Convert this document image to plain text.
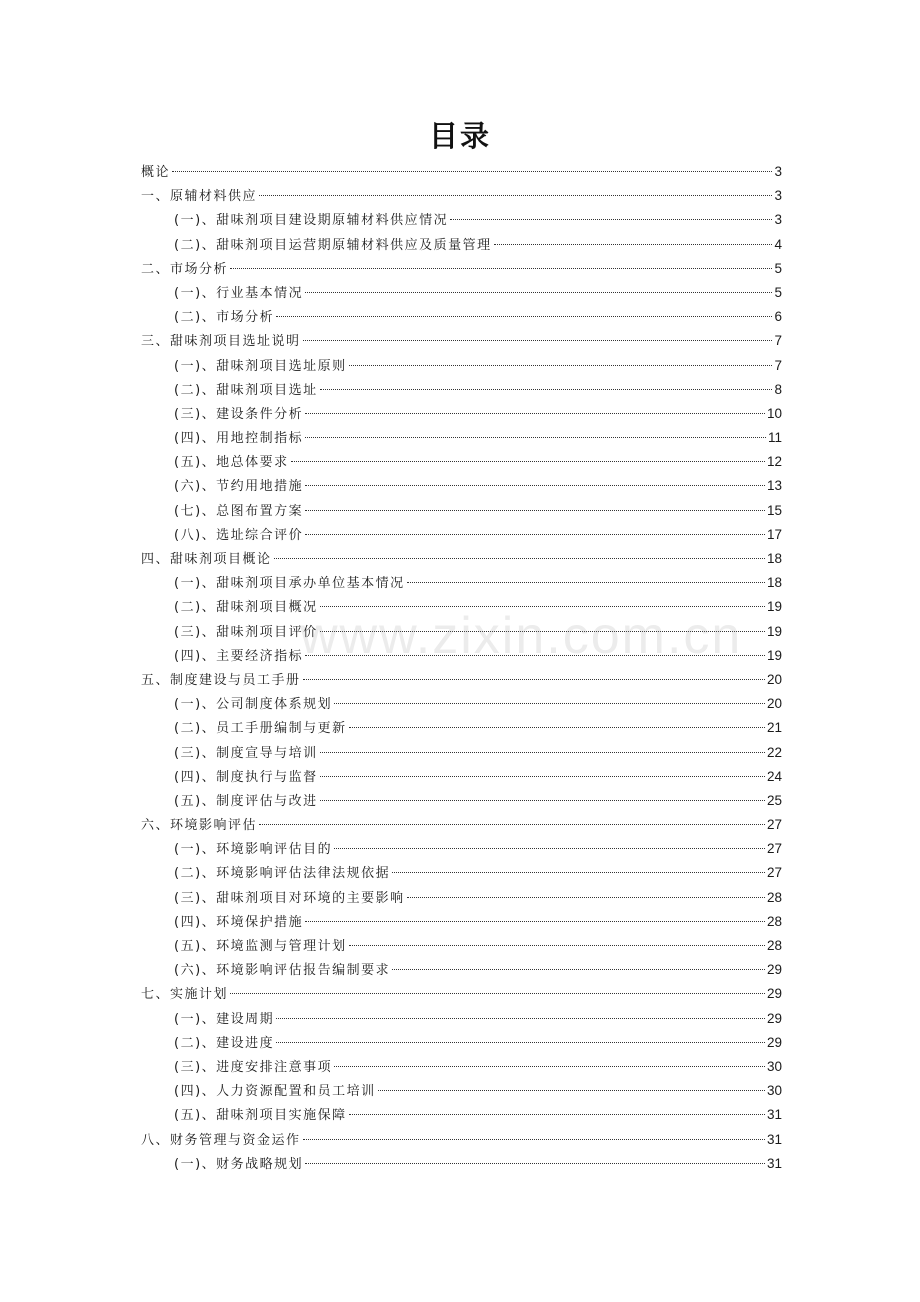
目录
概论	3
一、原辅材料供应	3
(一)、甜味剂项目建设期原辅材料供应情况	3
(二)、甜味剂项目运营期原辅材料供应及质量管理	4
二、市场分析	5
(一)、行业基本情况	5
(二)、市场分析	6
三、甜味剂项目选址说明	7
(一)、甜味剂项目选址原则	7
(二)、甜味剂项目选址	8
(三)、建设条件分析	10
(四)、用地控制指标	11
(五)、地总体要求	12
(六)、节约用地措施	13
(七)、总图布置方案	15
(八)、选址综合评价	17
四、甜味剂项目概论	18
(一)、甜味剂项目承办单位基本情况	18
(二)、甜味剂项目概况	19
(三)、甜味剂项目评价	19
(四)、主要经济指标	19
五、制度建设与员工手册	20
(一)、公司制度体系规划	20
(二)、员工手册编制与更新	21
(三)、制度宣导与培训	22
(四)、制度执行与监督	24
(五)、制度评估与改进	25
六、环境影响评估	27
(一)、环境影响评估目的	27
(二)、环境影响评估法律法规依据	27
(三)、甜味剂项目对环境的主要影响	28
(四)、环境保护措施	28
(五)、环境监测与管理计划	28
(六)、环境影响评估报告编制要求	29
七、实施计划	29
(一)、建设周期	29
(二)、建设进度	29
(三)、进度安排注意事项	30
(四)、人力资源配置和员工培训	30
(五)、甜味剂项目实施保障	31
八、财务管理与资金运作	31
(一)、财务战略规划	31
www.zixin.com.cn
